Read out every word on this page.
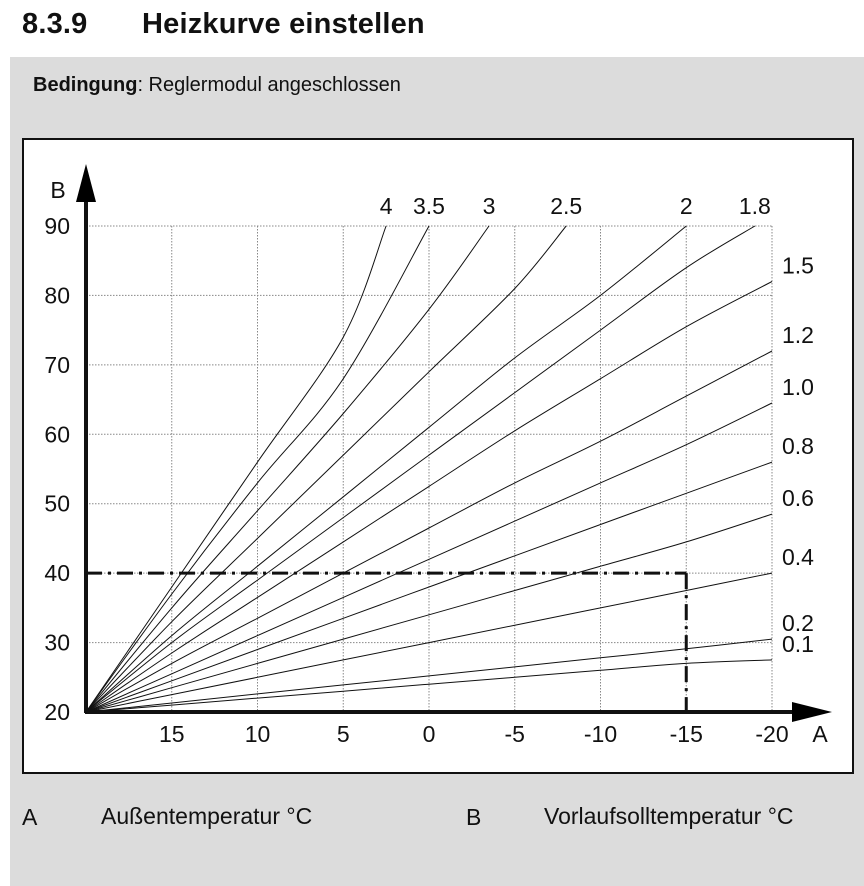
8.3.9	Heizkurve einstellen
Bedingung: Reglermodul angeschlossen
4 3.5 3 2.5	2 1.8
1.5
1.2
1.0
0.8
0.6
0.4
0.2
0.1
20
30
40
50
60
70
80
90
15	10	5	0	-5	-10 -15 -20
B
A
A	Außentemperatur °C	B	Vorlaufsolltemperatur °C
